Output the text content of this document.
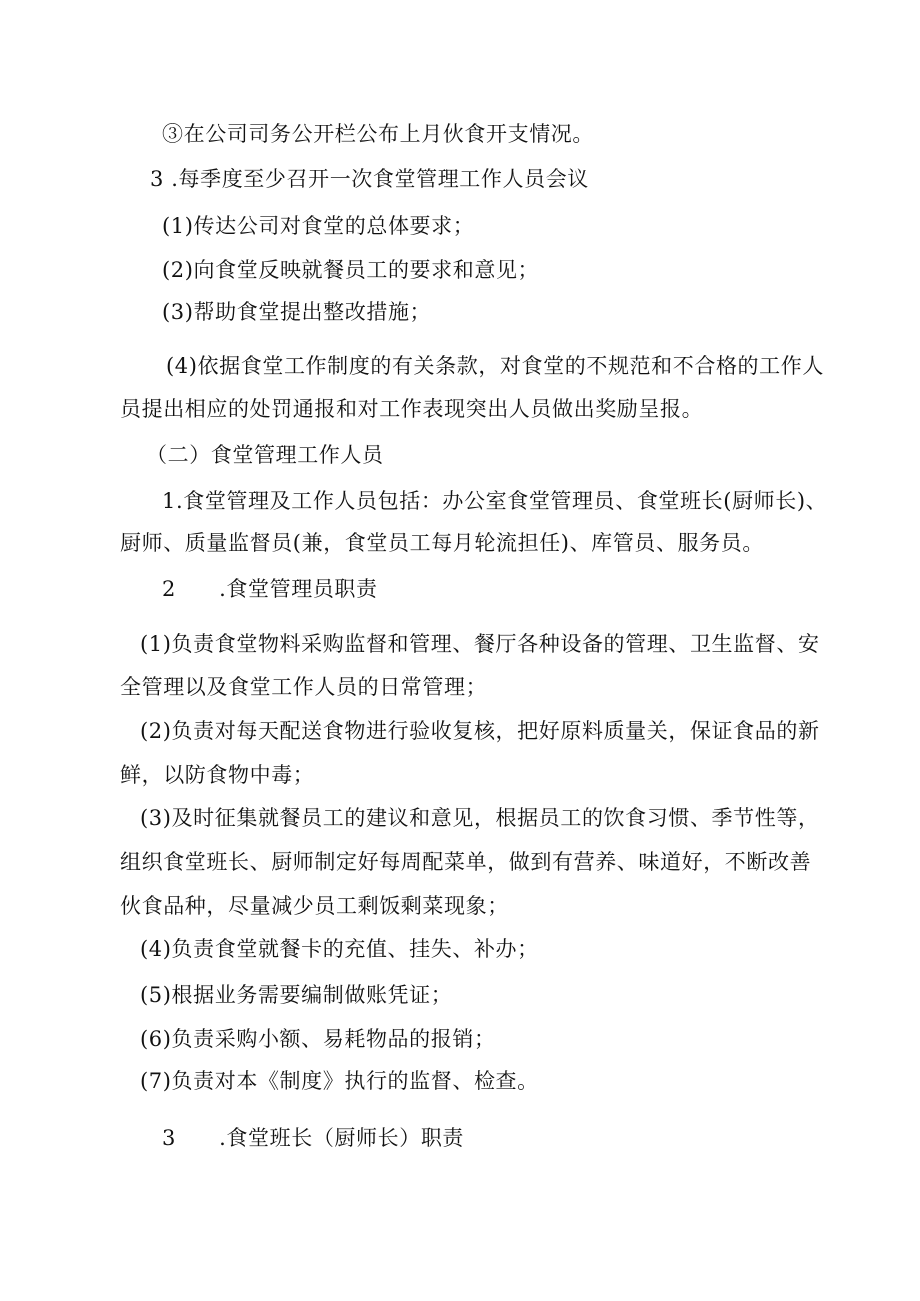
③在公司司务公开栏公布上月伙食开支情况。
3 .每季度至少召开一次食堂管理工作人员会议
(1)传达公司对食堂的总体要求；
(2)向食堂反映就餐员工的要求和意见；
(3)帮助食堂提出整改措施；
(4)依据食堂工作制度的有关条款，对食堂的不规范和不合格的工作人
员提出相应的处罚通报和对工作表现突出人员做出奖励呈报。
（二）食堂管理工作人员
1.食堂管理及工作人员包括：办公室食堂管理员、食堂班长(厨师长)、
厨师、质量监督员(兼，食堂员工每月轮流担任)、库管员、服务员。
2　　.食堂管理员职责
(1)负责食堂物料采购监督和管理、餐厅各种设备的管理、卫生监督、安
全管理以及食堂工作人员的日常管理；
(2)负责对每天配送食物进行验收复核，把好原料质量关，保证食品的新
鲜，以防食物中毒；
(3)及时征集就餐员工的建议和意见，根据员工的饮食习惯、季节性等，
组织食堂班长、厨师制定好每周配菜单，做到有营养、味道好，不断改善
伙食品种，尽量减少员工剩饭剩菜现象；
(4)负责食堂就餐卡的充值、挂失、补办；
(5)根据业务需要编制做账凭证；
(6)负责采购小额、易耗物品的报销；
(7)负责对本《制度》执行的监督、检查。
3　　.食堂班长（厨师长）职责
